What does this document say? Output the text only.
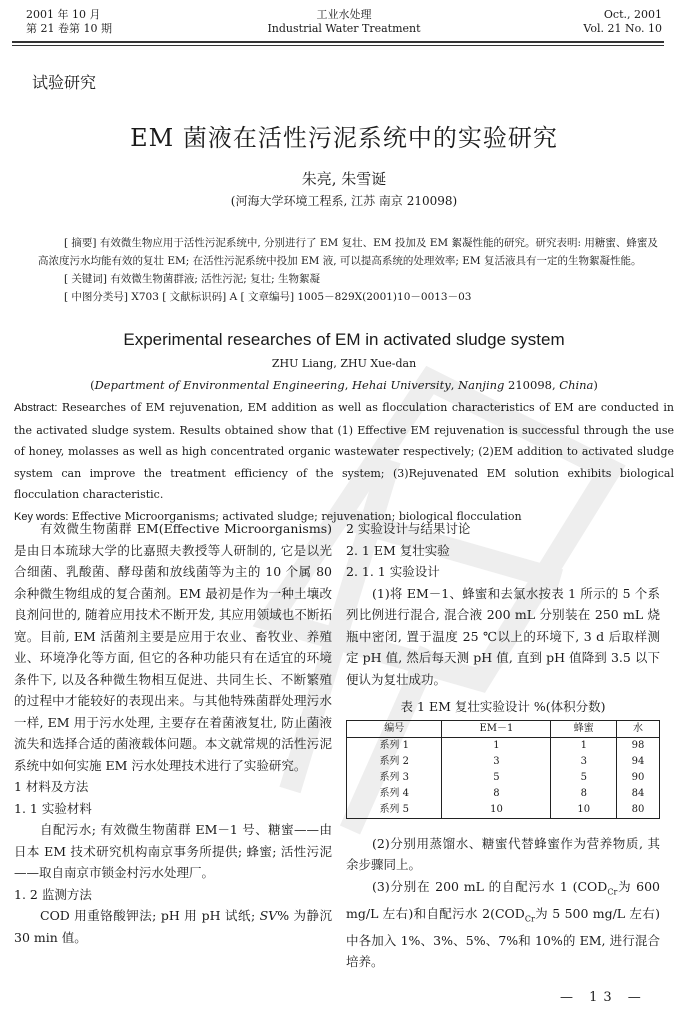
2001 年 10 月
第 21 卷第 10 期
工业水处理
Industrial Water Treatment
Oct., 2001
Vol. 21 No. 10
试验研究
EM 菌液在活性污泥系统中的实验研究
朱亮, 朱雪诞
(河海大学环境工程系, 江苏 南京 210098)

[ 摘要] 有效微生物应用于活性污泥系统中, 分别进行了 EM 复壮、EM 投加及 EM 絮凝性能的研究。研究表明: 用糖蜜、蜂蜜及高浓度污水均能有效的复壮 EM; 在活性污泥系统中投加 EM 液, 可以提高系统的处理效率; EM 复活液具有一定的生物絮凝性能。

[ 关键词] 有效微生物菌群液; 活性污泥; 复壮; 生物絮凝

[ 中图分类号] X703 [ 文献标识码] A [ 文章编号] 1005－829X(2001)10－0013－03

Experimental researches of EM in activated sludge system
ZHU Liang, ZHU Xue-dan
(Department of Environmental Engineering, Hehai University, Nanjing 210098, China)

Abstract: Researches of EM rejuvenation, EM addition as well as flocculation characteristics of EM are conducted in the activated sludge system. Results obtained show that (1) Effective EM rejuvenation is successful through the use of honey, molasses as well as high concentrated organic wastewater respectively; (2)EM addition to activated sludge system can improve the treatment efficiency of the system; (3)Rejuvenated EM solution exhibits biological flocculation characteristic.

Key words: Effective Microorganisms; activated sludge; rejuvenation; biological flocculation

有效微生物菌群 EM(Effective Microorganisms)是由日本琉球大学的比嘉照夫教授等人研制的, 它是以光合细菌、乳酸菌、酵母菌和放线菌等为主的 10 个属 80 余种微生物组成的复合菌剂。EM 最初是作为一种土壤改良剂问世的, 随着应用技术不断开发, 其应用领域也不断拓宽。目前, EM 活菌剂主要是应用于农业、畜牧业、养殖业、环境净化等方面, 但它的各种功能只有在适宜的环境条件下, 以及各种微生物相互促进、共同生长、不断繁殖的过程中才能较好的表现出来。与其他特殊菌群处理污水一样, EM 用于污水处理, 主要存在着菌液复壮, 防止菌液流失和选择合适的菌液载体问题。本文就常规的活性污泥系统中如何实施 EM 污水处理技术进行了实验研究。

1 材料及方法

1. 1 实验材料

自配污水; 有效微生物菌群 EM－1 号、糖蜜——由日本 EM 技术研究机构南京事务所提供; 蜂蜜; 活性污泥——取自南京市锁金村污水处理厂。

1. 2 监测方法

COD 用重铬酸钾法; pH 用 pH 试纸; SV% 为静沉 30 min 值。

2 实验设计与结果讨论

2. 1 EM 复壮实验

2. 1. 1 实验设计

(1)将 EM－1、蜂蜜和去氯水按表 1 所示的 5 个系列比例进行混合, 混合液 200 mL 分别装在 250 mL 烧瓶中密闭, 置于温度 25 ℃以上的环境下, 3 d 后取样测定 pH 值, 然后每天测 pH 值, 直到 pH 值降到 3.5 以下便认为复壮成功。

表 1 EM 复壮实验设计 %(体积分数)
编号	EM－1	蜂蜜	水
系列 1	1	1	98
系列 2	3	3	94
系列 3	5	5	90
系列 4	8	8	84
系列 5	10	10	80

(2)分别用蒸馏水、糖蜜代替蜂蜜作为营养物质, 其余步骤同上。

(3)分别在 200 mL 的自配污水 1 ($COD_{Cr}$为 600 mg/L 左右)和自配污水 $2(COD_{Cr}$为 5 500 mg/L 左右)中各加入 1%、3%、5%、7%和 10%的 EM, 进行混合培养。

— 13 —
